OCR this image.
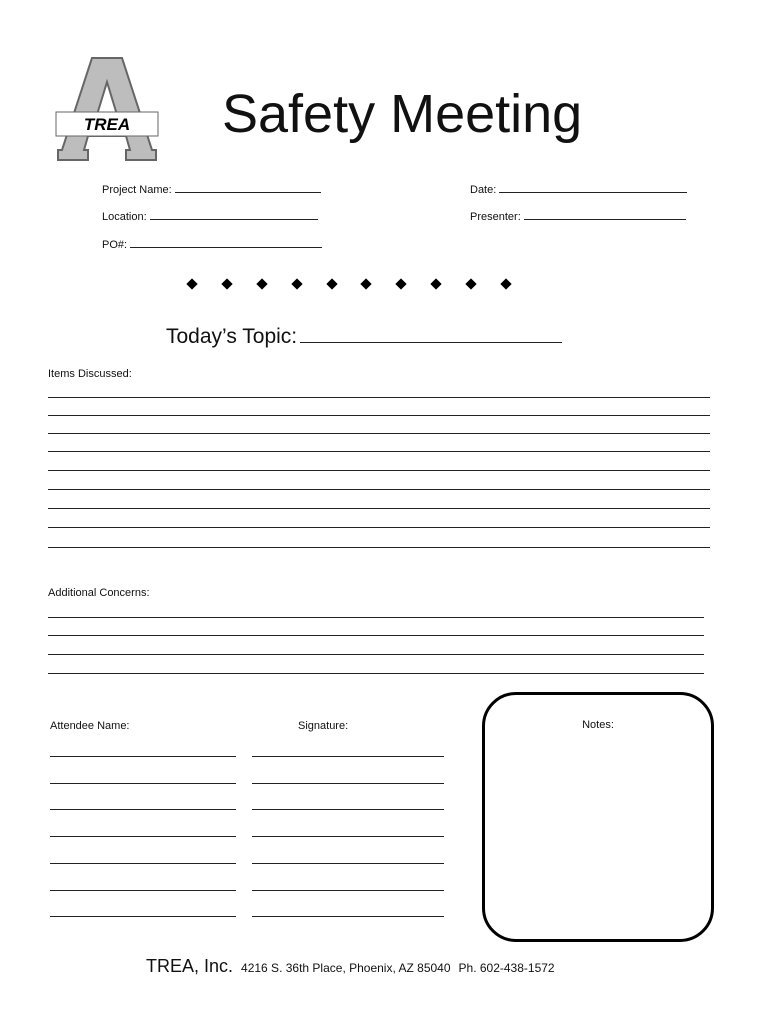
TREA Safety Meeting
Project Name:	Date:
Location:	Presenter:
PO#:
Today’s Topic:
Items Discussed:
Additional Concerns:
Attendee Name:	Signature:	Notes:
TREA, Inc. 4216 S. 36th Place, Phoenix, AZ 85040 Ph. 602-438-1572
